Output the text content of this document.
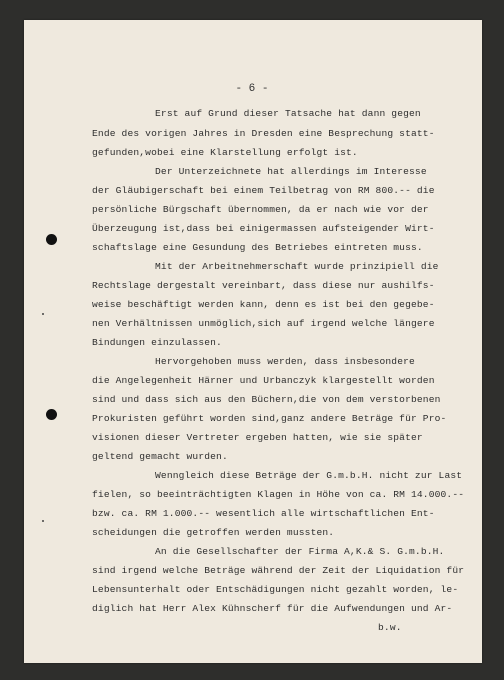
- 6 -
Erst auf Grund dieser Tatsache hat dann gegen
Ende des vorigen Jahres in Dresden eine Besprechung statt-
gefunden,wobei eine Klarstellung erfolgt ist.
Der Unterzeichnete hat allerdings im Interesse
der Gläubigerschaft bei einem Teilbetrag von RM 800.-- die
persönliche Bürgschaft übernommen, da er nach wie vor der
Überzeugung ist,dass bei einigermassen aufsteigender Wirt-
schaftslage eine Gesundung des Betriebes eintreten muss.
Mit der Arbeitnehmerschaft wurde prinzipiell die
Rechtslage dergestalt vereinbart, dass diese nur aushilfs-
weise beschäftigt werden kann, denn es ist bei den gegebe-
nen Verhältnissen unmöglich,sich auf irgend welche längere
Bindungen einzulassen.
Hervorgehoben muss werden, dass insbesondere
die Angelegenheit Härner und Urbanczyk klargestellt worden
sind und dass sich aus den Büchern,die von dem verstorbenen
Prokuristen geführt worden sind,ganz andere Beträge für Pro-
visionen dieser Vertreter ergeben hatten, wie sie später
geltend gemacht wurden.
Wenngleich diese Beträge der G.m.b.H. nicht zur Last
fielen, so beeinträchtigten Klagen in Höhe von ca. RM 14.000.--
bzw. ca. RM 1.000.-- wesentlich alle wirtschaftlichen Ent-
scheidungen die getroffen werden mussten.
An die Gesellschafter der Firma A,K.& S. G.m.b.H.
sind irgend welche Beträge während der Zeit der Liquidation für
Lebensunterhalt oder Entschädigungen nicht gezahlt worden, le-
diglich hat Herr Alex Kühnscherf für die Aufwendungen und Ar-
b.w.
